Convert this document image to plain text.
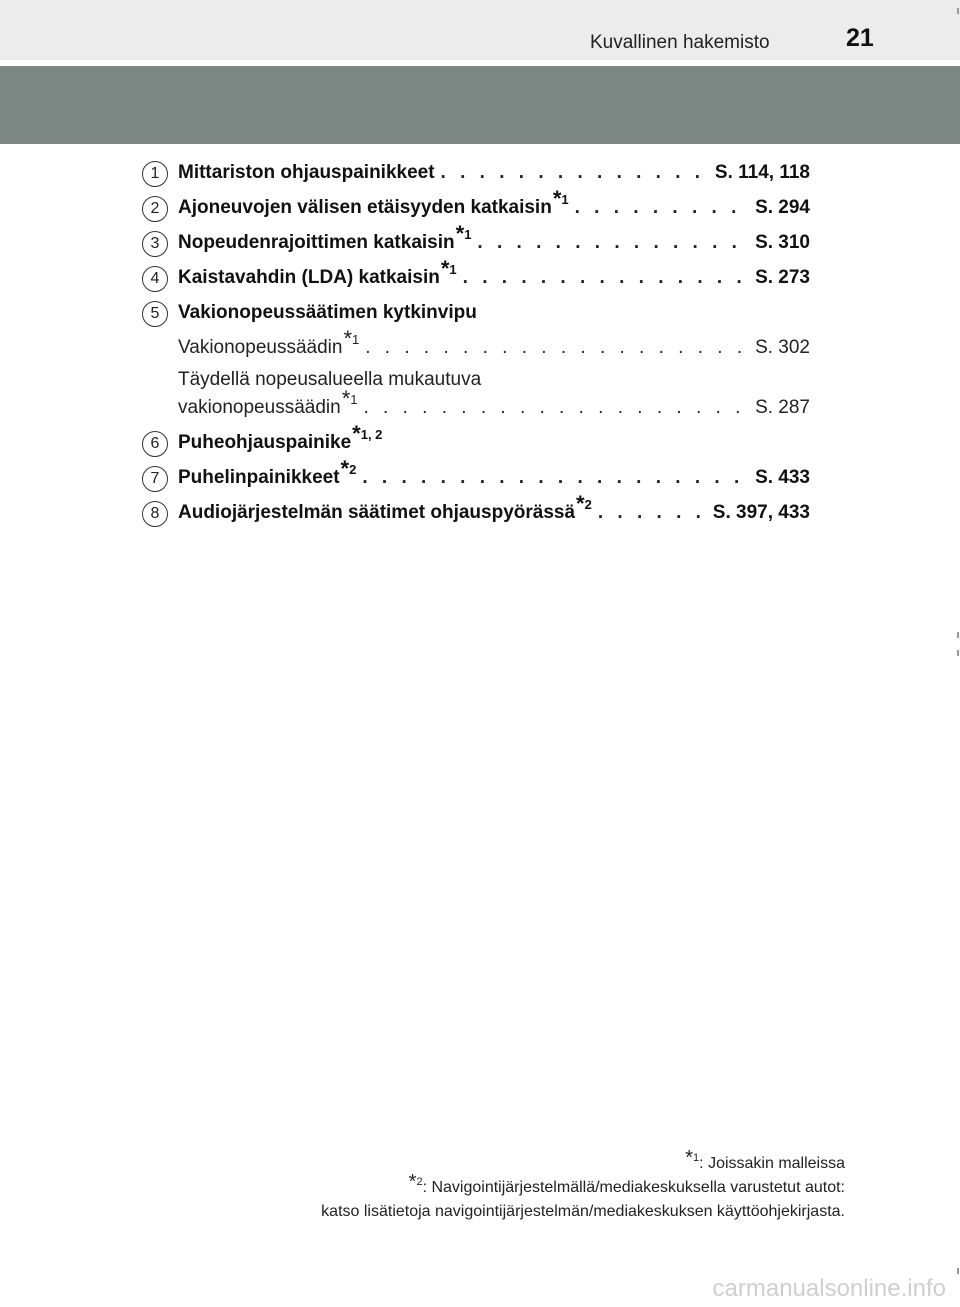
Kuvallinen hakemisto	21
1 Mittariston ohjauspainikkeet . . .	S. 114, 118
2 Ajoneuvojen välisen etäisyyden katkaisin$^{*1}$ . . .	S. 294
3 Nopeudenrajoittimen katkaisin$^{*1}$ . . .	S. 310
4 Kaistavahdin (LDA) katkaisin$^{*1}$ . . .	S. 273
5 Vakionopeussäätimen kytkinvipu
Vakionopeussäädin$^{*1}$ . . .	S. 302
Täydellä nopeusalueella mukautuva
vakionopeussäädin$^{*1}$ . . .	S. 287
6 Puheohjauspainike$^{*1, 2}$
7 Puhelinpainikkeet$^{*2}$ . . .	S. 433
8 Audiojärjestelmän säätimet ohjauspyörässä$^{*2}$ . . .	S. 397, 433
$^{*1}$: Joissakin malleissa
$^{*2}$: Navigointijärjestelmällä/mediakeskuksella varustetut autot:
katso lisätietoja navigointijärjestelmän/mediakeskuksen käyttöohjekirjasta.
carmanualsonline.info
